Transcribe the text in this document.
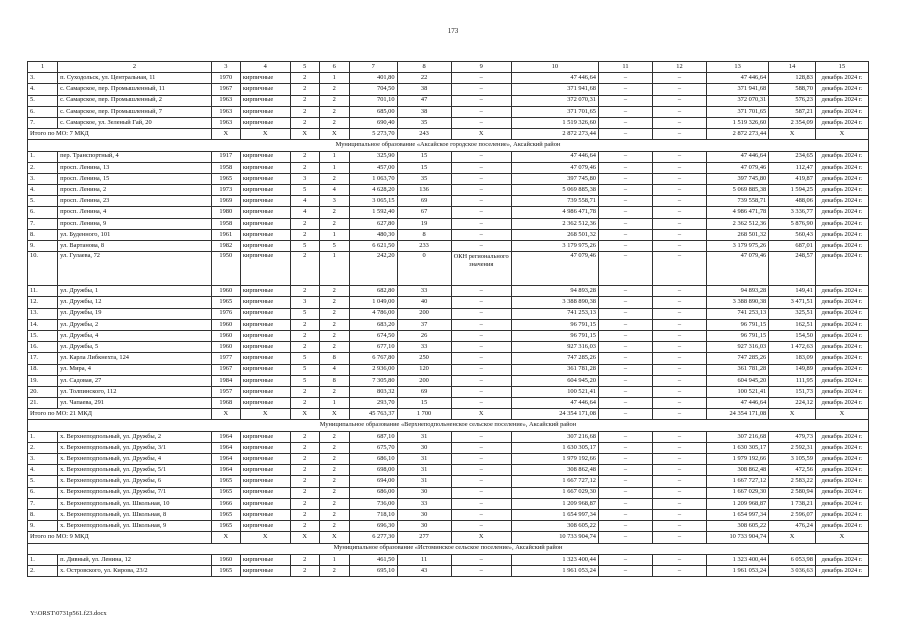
173
1	2	3	4	5	6	7	8	9	10	11	12	13	14	15
3.	п. Суходольск, ул. Центральная, 11	1970	кирпичные	2	1	401,80	22	–	47 446,64	–	–	47 446,64	128,83	декабрь 2024 г.
4.	с. Самарское, пер. Промышленный, 11	1967	кирпичные	2	2	704,50	38	–	371 941,68	–	–	371 941,68	588,70	декабрь 2024 г.
5.	с. Самарское, пер. Промышленный, 2	1963	кирпичные	2	2	701,10	47	–	372 070,31	–	–	372 070,31	576,23	декабрь 2024 г.
6.	с. Самарское, пер. Промышленный, 7	1963	кирпичные	2	2	685,00	38	–	371 701,65	–	–	371 701,65	587,21	декабрь 2024 г.
7.	с. Самарское, ул. Зеленый Гай, 20	1963	кирпичные	2	2	690,40	35	–	1 519 326,60	–	–	1 519 326,60	2 354,09	декабрь 2024 г.
Итого по МО: 7 МКД		X	X	X	X	5 273,70	243	X	2 872 273,44	–	–	2 872 273,44	X	X
Муниципальное образование «Аксайское городское поселение», Аксайский район														
1.	пер. Транспортный, 4	1917	кирпичные	2	1	325,90	15	–	47 446,64	–	–	47 446,64	234,65	декабрь 2024 г.
2.	просп. Ленина, 13	1958	кирпичные	2	1	457,00	15	–	47 079,46	–	–	47 079,46	112,47	декабрь 2024 г.
3.	просп. Ленина, 15	1965	кирпичные	3	2	1 063,70	35	–	397 745,80	–	–	397 745,80	419,87	декабрь 2024 г.
4.	просп. Ленина, 2	1973	кирпичные	5	4	4 628,20	136	–	5 069 885,38	–	–	5 069 885,38	1 594,25	декабрь 2024 г.
5.	просп. Ленина, 23	1969	кирпичные	4	3	3 065,15	69	–	739 558,71	–	–	739 558,71	488,06	декабрь 2024 г.
6.	просп. Ленина, 4	1980	кирпичные	4	2	1 592,40	67	–	4 986 471,78	–	–	4 986 471,78	3 336,77	декабрь 2024 г.
7.	просп. Ленина, 9	1958	кирпичные	2	2	627,80	19	–	2 362 512,36	–	–	2 362 512,36	5 876,90	декабрь 2024 г.
8.	ул. Буденного, 101	1961	кирпичные	2	1	480,30	8	–	268 501,32	–	–	268 501,32	560,43	декабрь 2024 г.
9.	ул. Вартанова, 8	1982	кирпичные	5	5	6 621,50	233	–	3 179 975,26	–	–	3 179 975,26	687,01	декабрь 2024 г.
10.	ул. Гулаева, 72	1950	кирпичные	2	1	242,20	0	ОКН регионального значения	47 079,46	–	–	47 079,46	248,57	декабрь 2024 г.
11.	ул. Дружбы, 1	1960	кирпичные	2	2	682,80	33	–	94 893,28	–	–	94 893,28	149,41	декабрь 2024 г.
12.	ул. Дружбы, 12	1965	кирпичные	3	2	1 049,00	40	–	3 388 890,38	–	–	3 388 890,38	3 471,51	декабрь 2024 г.
13.	ул. Дружбы, 19	1976	кирпичные	5	2	4 786,00	200	–	741 253,13	–	–	741 253,13	325,51	декабрь 2024 г.
14.	ул. Дружбы, 2	1960	кирпичные	2	2	683,20	37	–	96 791,15	–	–	96 791,15	162,51	декабрь 2024 г.
15.	ул. Дружбы, 4	1960	кирпичные	2	2	674,50	26	–	96 791,15	–	–	96 791,15	154,50	декабрь 2024 г.
16.	ул. Дружбы, 5	1960	кирпичные	2	2	677,10	33	–	927 316,03	–	–	927 316,03	1 472,63	декабрь 2024 г.
17.	ул. Карла Либкнехта, 124	1977	кирпичные	5	8	6 767,80	250	–	747 285,26	–	–	747 285,26	183,09	декабрь 2024 г.
18.	ул. Мира, 4	1967	кирпичные	5	4	2 936,00	120	–	361 781,28	–	–	361 781,28	149,89	декабрь 2024 г.
19.	ул. Садовая, 27	1984	кирпичные	5	8	7 305,80	200	–	604 945,20	–	–	604 945,20	111,95	декабрь 2024 г.
20.	ул. Толпинского, 112	1957	кирпичные	2	2	803,32	69	–	100 521,41	–	–	100 521,41	151,73	декабрь 2024 г.
21.	ул. Чапаева, 291	1968	кирпичные	2	1	293,70	15	–	47 446,64	–	–	47 446,64	224,12	декабрь 2024 г.
Итого по МО: 21 МКД		X	X	X	X	45 763,37	1 700	X	24 354 171,08	–	–	24 354 171,08	X	X
Муниципальное образование «Верхнеподпольненское сельское поселение», Аксайский район														
1.	х. Верхнеподпольный, ул. Дружбы, 2	1964	кирпичные	2	2	687,10	31	–	307 216,68	–	–	307 216,68	479,73	декабрь 2024 г.
2.	х. Верхнеподпольный, ул. Дружбы, 3/1	1964	кирпичные	2	2	675,70	30	–	1 630 305,17	–	–	1 630 305,17	2 592,31	декабрь 2024 г.
3.	х. Верхнеподпольный, ул. Дружбы, 4	1964	кирпичные	2	2	686,10	31	–	1 979 192,66	–	–	1 979 192,66	3 105,59	декабрь 2024 г.
4.	х. Верхнеподпольный, ул. Дружбы, 5/1	1964	кирпичные	2	2	698,00	31	–	308 862,48	–	–	308 862,48	472,56	декабрь 2024 г.
5.	х. Верхнеподпольный, ул. Дружбы, 6	1965	кирпичные	2	2	694,00	31	–	1 667 727,12	–	–	1 667 727,12	2 583,22	декабрь 2024 г.
6.	х. Верхнеподпольный, ул. Дружбы, 7/1	1965	кирпичные	2	2	686,00	30	–	1 667 029,30	–	–	1 667 029,30	2 580,94	декабрь 2024 г.
7.	х. Верхнеподпольный, ул. Школьная, 10	1966	кирпичные	2	2	736,00	33	–	1 209 968,87	–	–	1 209 968,87	1 738,21	декабрь 2024 г.
8.	х. Верхнеподпольный, ул. Школьная, 8	1965	кирпичные	2	2	718,10	30	–	1 654 997,34	–	–	1 654 997,34	2 596,07	декабрь 2024 г.
9.	х. Верхнеподпольный, ул. Школьная, 9	1965	кирпичные	2	2	696,30	30	–	308 605,22	–	–	308 605,22	476,24	декабрь 2024 г.
Итого по МО: 9 МКД		X	X	X	X	6 277,30	277	X	10 733 904,74	–	–	10 733 904,74	X	X
Муниципальное образование «Истоминское сельское поселение», Аксайский район														
1.	п. Дивный, ул. Ленина, 12	1960	кирпичные	2	1	461,50	11	–	1 323 400,44	–	–	1 323 400,44	6 053,98	декабрь 2024 г.
2.	х. Островского, ул. Кирова, 23/2	1965	кирпичные	2	2	695,10	43	–	1 961 053,24	–	–	1 961 053,24	3 036,63	декабрь 2024 г.
Y:\ORST\0731p561.f23.docx
